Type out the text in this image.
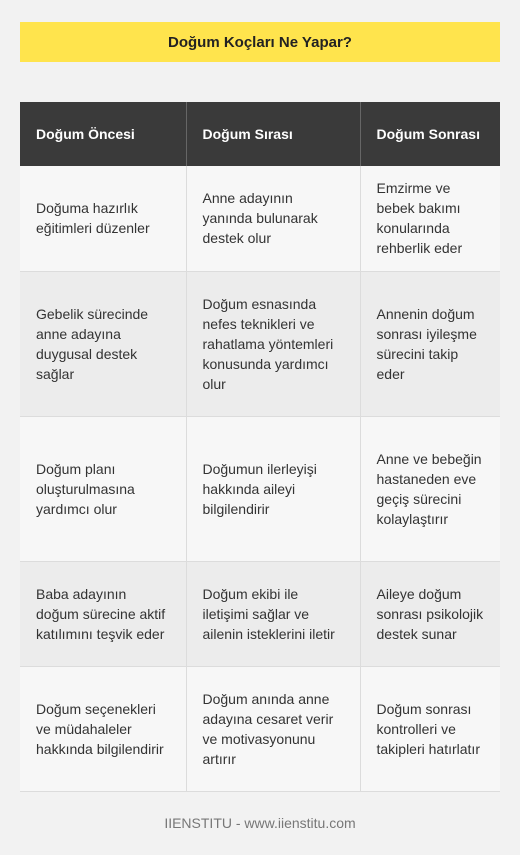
Doğum Koçları Ne Yapar?
Doğum Öncesi	Doğum Sırası	Doğum Sonrası
Doğuma hazırlık eğitimleri düzenler	Anne adayının yanında bulunarak destek olur	Emzirme ve bebek bakımı konularında rehberlik eder
Gebelik sürecinde anne adayına duygusal destek sağlar	Doğum esnasında nefes teknikleri ve rahatlama yöntemleri konusunda yardımcı olur	Annenin doğum sonrası iyileşme sürecini takip eder
Doğum planı oluşturulmasına yardımcı olur	Doğumun ilerleyişi hakkında aileyi bilgilendirir	Anne ve bebeğin hastaneden eve geçiş sürecini kolaylaştırır
Baba adayının doğum sürecine aktif katılımını teşvik eder	Doğum ekibi ile iletişimi sağlar ve ailenin isteklerini iletir	Aileye doğum sonrası psikolojik destek sunar
Doğum seçenekleri ve müdahaleler hakkında bilgilendirir	Doğum anında anne adayına cesaret verir ve motivasyonunu artırır	Doğum sonrası kontrolleri ve takipleri hatırlatır
IIENSTITU - www.iienstitu.com
